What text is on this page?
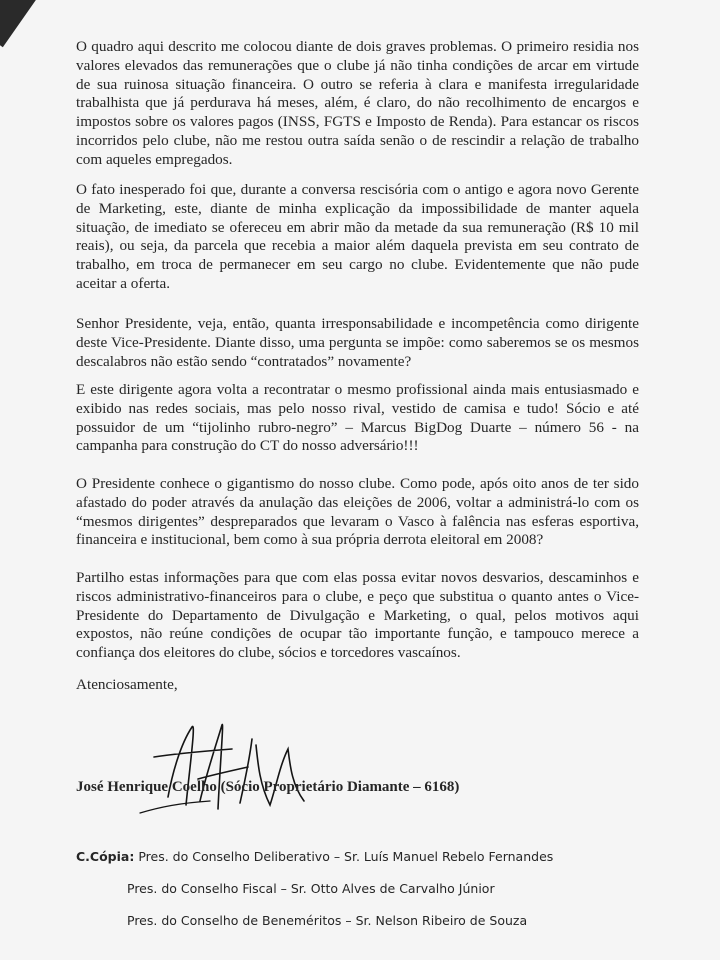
O quadro aqui descrito me colocou diante de dois graves problemas. O primeiro residia nos valores elevados das remunerações que o clube já não tinha condições de arcar em virtude de sua ruinosa situação financeira. O outro se referia à clara e manifesta irregularidade trabalhista que já perdurava há meses, além, é claro, do não recolhimento de encargos e impostos sobre os valores pagos (INSS, FGTS e Imposto de Renda). Para estancar os riscos incorridos pelo clube, não me restou outra saída senão o de rescindir a relação de trabalho com aqueles empregados.

O fato inesperado foi que, durante a conversa rescisória com o antigo e agora novo Gerente de Marketing, este, diante de minha explicação da impossibilidade de manter aquela situação, de imediato se ofereceu em abrir mão da metade da sua remuneração (R$ 10 mil reais), ou seja, da parcela que recebia a maior além daquela prevista em seu contrato de trabalho, em troca de permanecer em seu cargo no clube. Evidentemente que não pude aceitar a oferta.

Senhor Presidente, veja, então, quanta irresponsabilidade e incompetência como dirigente deste Vice-Presidente. Diante disso, uma pergunta se impõe: como saberemos se os mesmos descalabros não estão sendo “contratados” novamente?

E este dirigente agora volta a recontratar o mesmo profissional ainda mais entusiasmado e exibido nas redes sociais, mas pelo nosso rival, vestido de camisa e tudo! Sócio e até possuidor de um “tijolinho rubro-negro” – Marcus BigDog Duarte – número 56 - na campanha para construção do CT do nosso adversário!!!

O Presidente conhece o gigantismo do nosso clube. Como pode, após oito anos de ter sido afastado do poder através da anulação das eleições de 2006, voltar a administrá-lo com os “mesmos dirigentes” despreparados que levaram o Vasco à falência nas esferas esportiva, financeira e institucional, bem como à sua própria derrota eleitoral em 2008?

Partilho estas informações para que com elas possa evitar novos desvarios, descaminhos e riscos administrativo-financeiros para o clube, e peço que substitua o quanto antes o Vice-Presidente do Departamento de Divulgação e Marketing, o qual, pelos motivos aqui expostos, não reúne condições de ocupar tão importante função, e tampouco merece a confiança dos eleitores do clube, sócios e torcedores vascaínos.

Atenciosamente,

José Henrique Coelho (Sócio Proprietário Diamante – 6168)

C.Cópia: Pres. do Conselho Deliberativo – Sr. Luís Manuel Rebelo Fernandes

Pres. do Conselho Fiscal – Sr. Otto Alves de Carvalho Júnior

Pres. do Conselho de Beneméritos – Sr. Nelson Ribeiro de Souza
